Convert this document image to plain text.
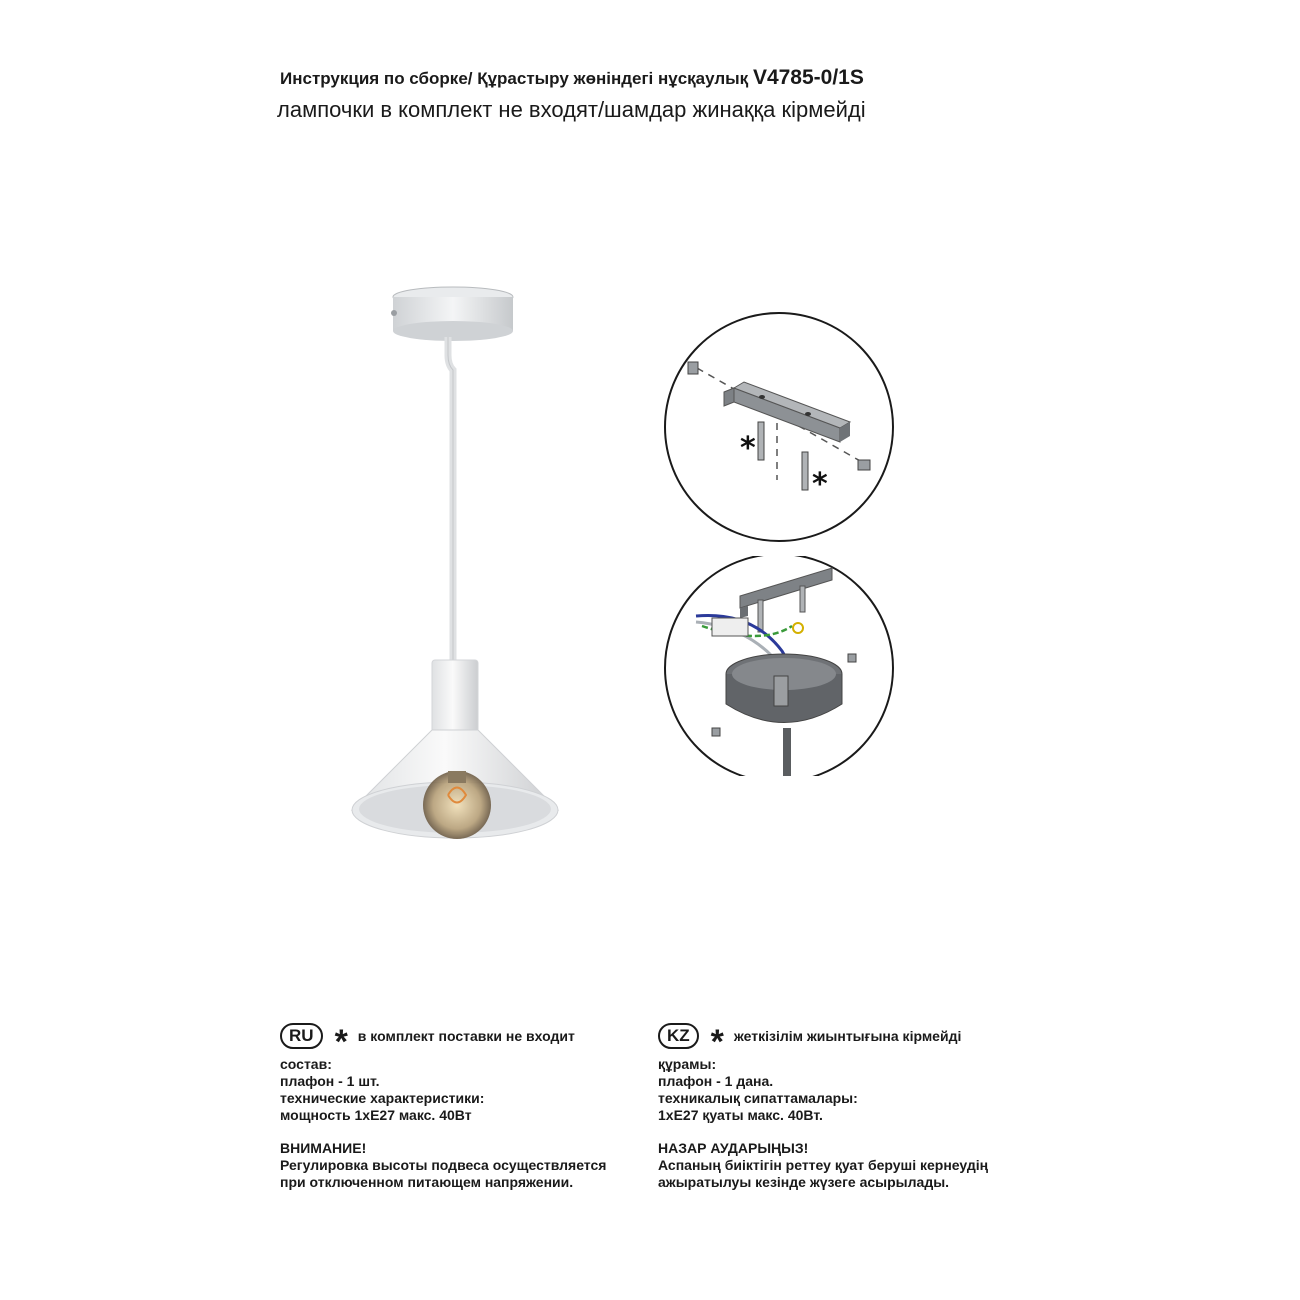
Инструкция по сборке/ Құрастыру жөніндегі нұсқаулық V4785-0/1S
лампочки в комплект не входят/шамдар жинаққа кірмейді
*
*
RU * в комплект поставки не входит
состав:
плафон - 1 шт.
технические характеристики:
мощность 1хЕ27 макс. 40Вт
ВНИМАНИЕ!
Регулировка высоты подвеса осуществляется
при отключенном питающем напряжении.
KZ * жеткізілім жиынтығына кірмейді
құрамы:
плафон - 1 дана.
техникалық сипаттамалары:
1хЕ27 қуаты макс. 40Вт.
НАЗАР АУДАРЫҢЫЗ!
Аспаның биіктігін реттеу қуат беруші кернеудің
ажыратылуы кезінде жүзеге асырылады.
